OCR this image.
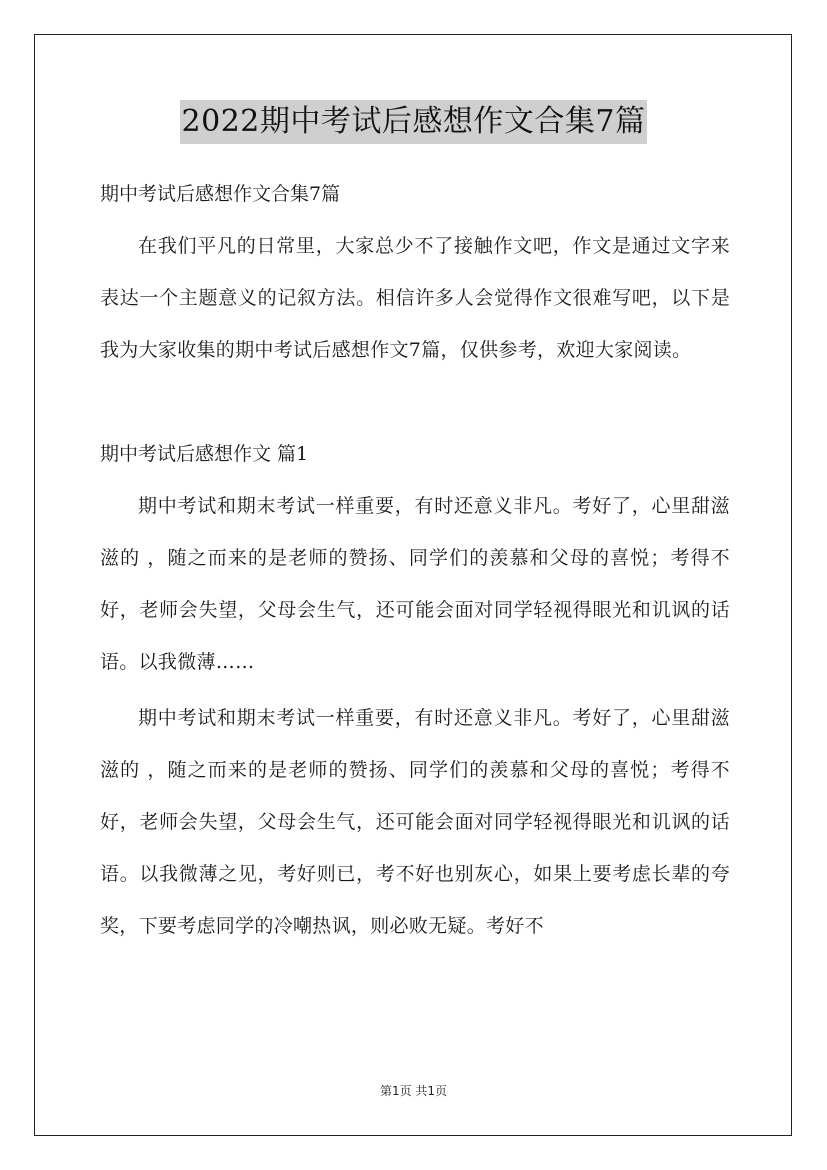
2022期中考试后感想作文合集7篇

期中考试后感想作文合集7篇

在我们平凡的日常里，大家总少不了接触作文吧，作文是通过文字来表达一个主题意义的记叙方法。相信许多人会觉得作文很难写吧，以下是我为大家收集的期中考试后感想作文7篇，仅供参考，欢迎大家阅读。

期中考试后感想作文 篇1

期中考试和期末考试一样重要，有时还意义非凡。考好了，心里甜滋滋的 ，随之而来的是老师的赞扬、同学们的羡慕和父母的喜悦；考得不好，老师会失望，父母会生气，还可能会面对同学轻视得眼光和讥讽的话语。以我微薄……

期中考试和期末考试一样重要，有时还意义非凡。考好了，心里甜滋滋的 ，随之而来的是老师的赞扬、同学们的羡慕和父母的喜悦；考得不好，老师会失望，父母会生气，还可能会面对同学轻视得眼光和讥讽的话语。以我微薄之见，考好则已，考不好也别灰心，如果上要考虑长辈的夸奖，下要考虑同学的冷嘲热讽，则必败无疑。考好不

第1页 共1页
